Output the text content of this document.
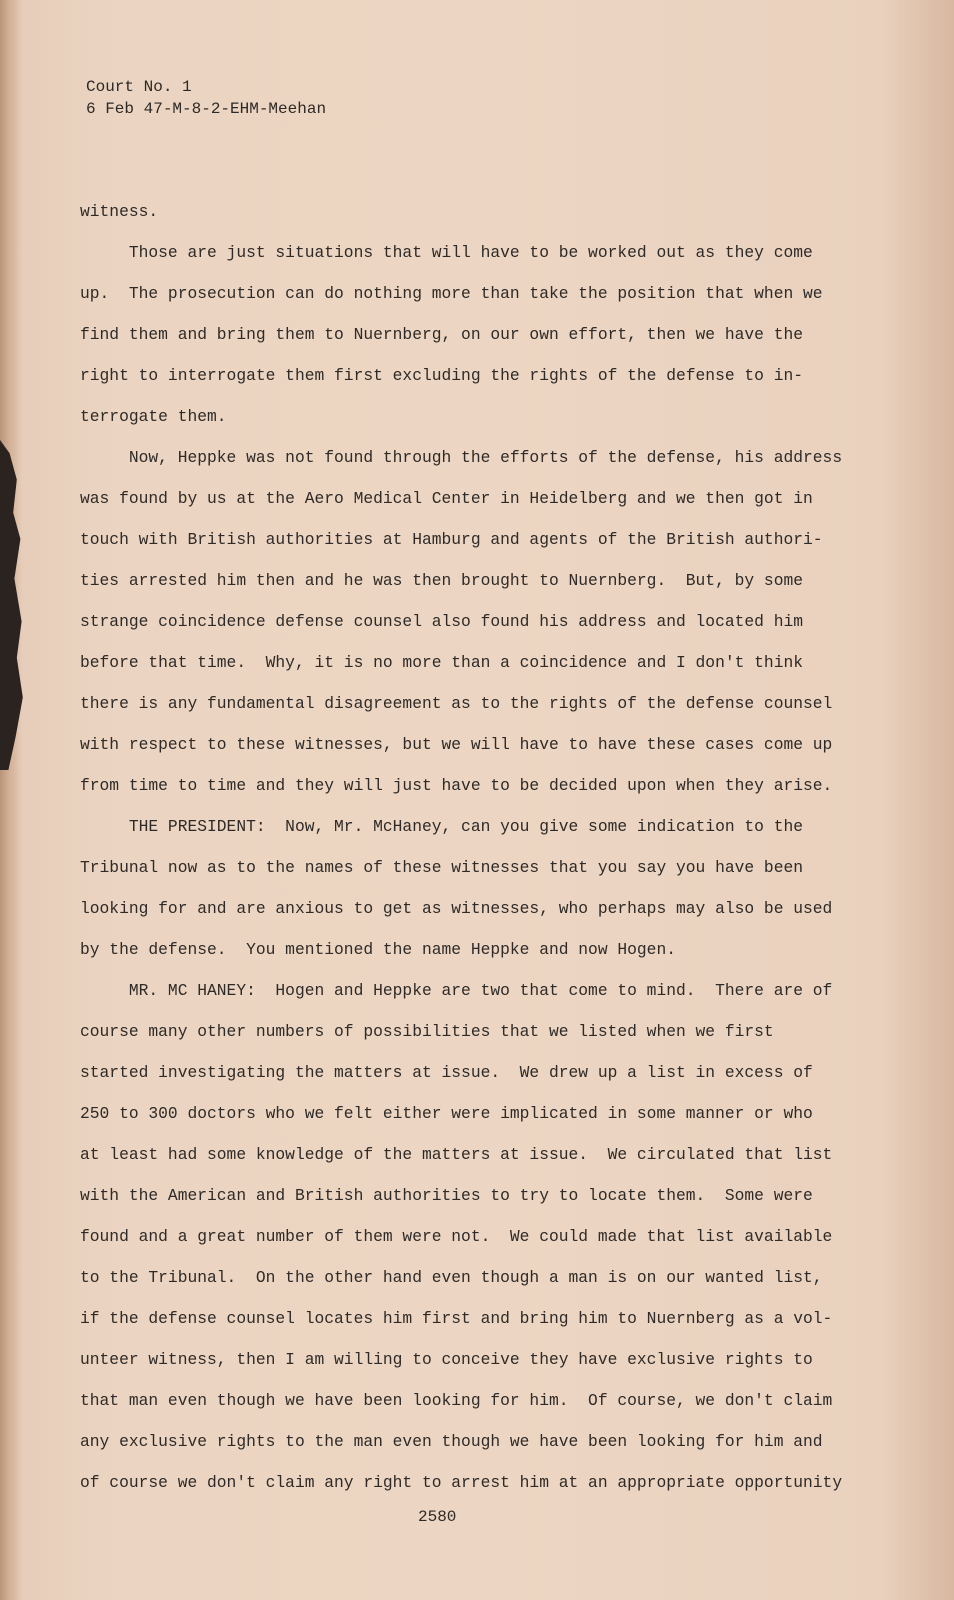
Court No. 1
6 Feb 47-M-8-2-EHM-Meehan
witness.
Those are just situations that will have to be worked out as they come
up.  The prosecution can do nothing more than take the position that when we
find them and bring them to Nuernberg, on our own effort, then we have the
right to interrogate them first excluding the rights of the defense to in-
terrogate them.
Now, Heppke was not found through the efforts of the defense, his address
was found by us at the Aero Medical Center in Heidelberg and we then got in
touch with British authorities at Hamburg and agents of the British authori-
ties arrested him then and he was then brought to Nuernberg.  But, by some
strange coincidence defense counsel also found his address and located him
before that time.  Why, it is no more than a coincidence and I don't think
there is any fundamental disagreement as to the rights of the defense counsel
with respect to these witnesses, but we will have to have these cases come up
from time to time and they will just have to be decided upon when they arise.
THE PRESIDENT:  Now, Mr. McHaney, can you give some indication to the
Tribunal now as to the names of these witnesses that you say you have been
looking for and are anxious to get as witnesses, who perhaps may also be used
by the defense.  You mentioned the name Heppke and now Hogen.
MR. MC HANEY:  Hogen and Heppke are two that come to mind.  There are of
course many other numbers of possibilities that we listed when we first
started investigating the matters at issue.  We drew up a list in excess of
250 to 300 doctors who we felt either were implicated in some manner or who
at least had some knowledge of the matters at issue.  We circulated that list
with the American and British authorities to try to locate them.  Some were
found and a great number of them were not.  We could made that list available
to the Tribunal.  On the other hand even though a man is on our wanted list,
if the defense counsel locates him first and bring him to Nuernberg as a vol-
unteer witness, then I am willing to conceive they have exclusive rights to
that man even though we have been looking for him.  Of course, we don't claim
any exclusive rights to the man even though we have been looking for him and
of course we don't claim any right to arrest him at an appropriate opportunity
2580
